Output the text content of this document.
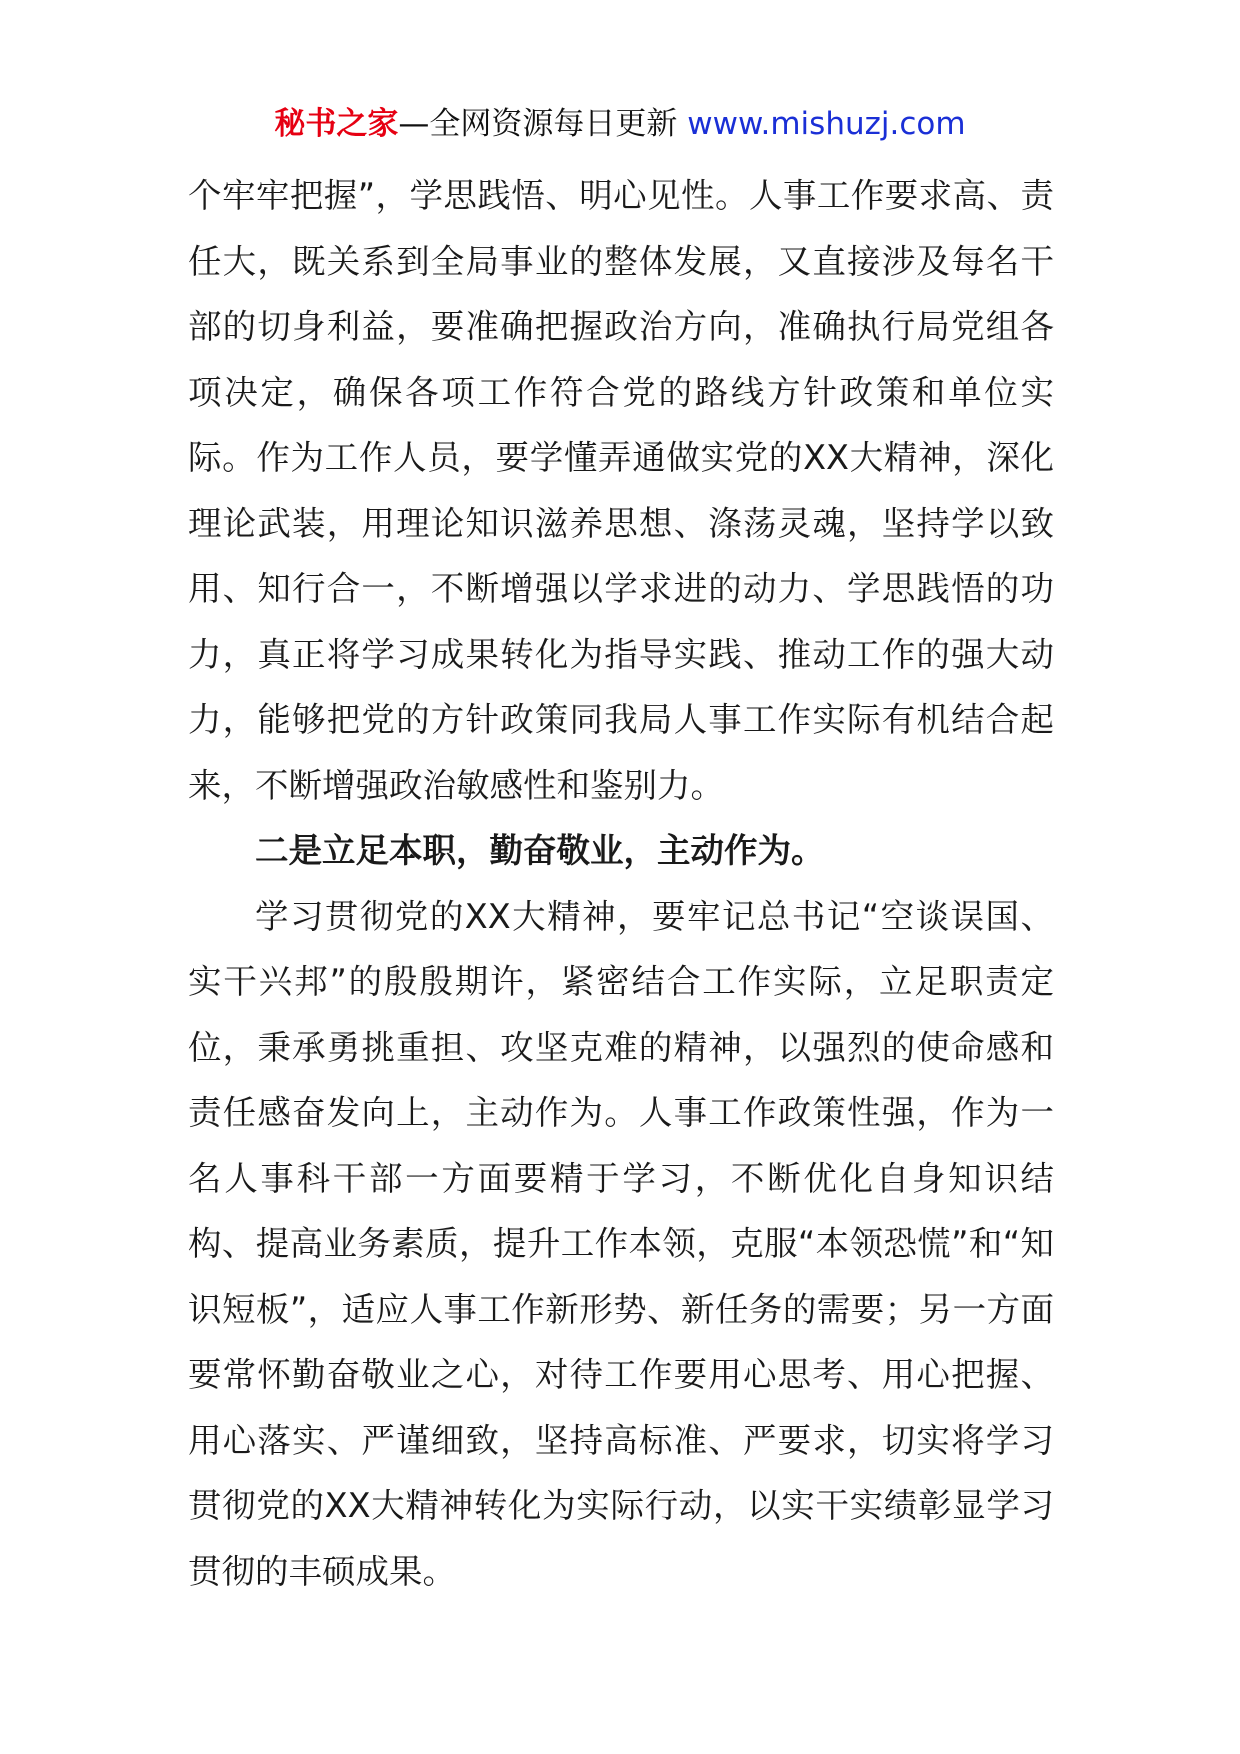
秘书之家—全网资源每日更新 www.mishuzj.com

个牢牢把握”，学思践悟、明心见性。人事工作要求高、责任大，既关系到全局事业的整体发展，又直接涉及每名干部的切身利益，要准确把握政治方向，准确执行局党组各项决定，确保各项工作符合党的路线方针政策和单位实际。作为工作人员，要学懂弄通做实党的XX大精神，深化理论武装，用理论知识滋养思想、涤荡灵魂，坚持学以致用、知行合一，不断增强以学求进的动力、学思践悟的功力，真正将学习成果转化为指导实践、推动工作的强大动力，能够把党的方针政策同我局人事工作实际有机结合起来，不断增强政治敏感性和鉴别力。

二是立足本职，勤奋敬业，主动作为。

学习贯彻党的XX大精神，要牢记总书记“空谈误国、实干兴邦”的殷殷期许，紧密结合工作实际，立足职责定位，秉承勇挑重担、攻坚克难的精神，以强烈的使命感和责任感奋发向上，主动作为。人事工作政策性强，作为一名人事科干部一方面要精于学习，不断优化自身知识结构、提高业务素质，提升工作本领，克服“本领恐慌”和“知识短板”，适应人事工作新形势、新任务的需要；另一方面要常怀勤奋敬业之心，对待工作要用心思考、用心把握、用心落实、严谨细致，坚持高标准、严要求，切实将学习贯彻党的XX大精神转化为实际行动，以实干实绩彰显学习贯彻的丰硕成果。
